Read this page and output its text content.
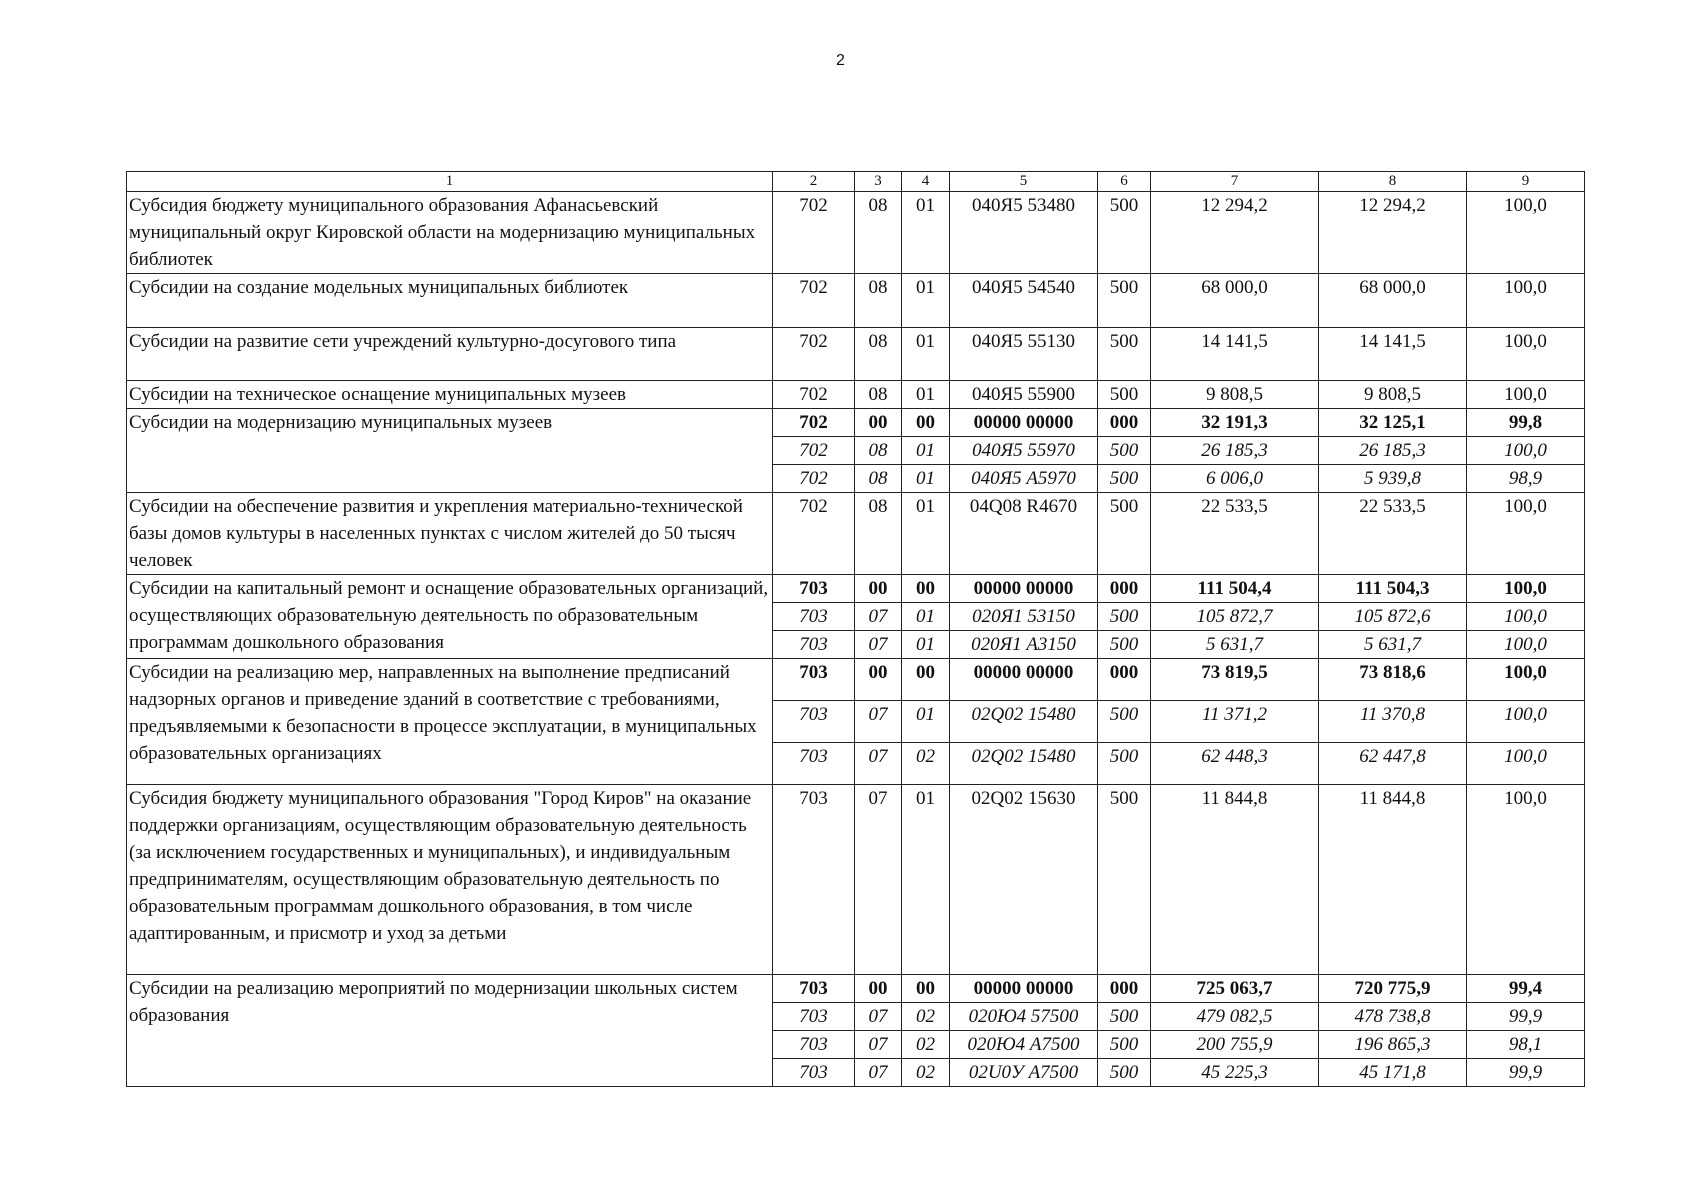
2
1	2	3	4	5	6	7	8	9
Субсидия бюджету муниципального образования Афанасьевский муниципальный округ Кировской области на модернизацию муниципальных библиотек	702	08	01	040Я5 53480	500	12 294,2	12 294,2	100,0
Субсидии на создание модельных муниципальных библиотек	702	08	01	040Я5 54540	500	68 000,0	68 000,0	100,0
Субсидии на развитие сети учреждений культурно-досугового типа	702	08	01	040Я5 55130	500	14 141,5	14 141,5	100,0
Субсидии на техническое оснащение муниципальных музеев	702	08	01	040Я5 55900	500	9 808,5	9 808,5	100,0
Субсидии на модернизацию муниципальных музеев	702	00	00	00000 00000	000	32 191,3	32 125,1	99,8
	702	08	01	040Я5 55970	500	26 185,3	26 185,3	100,0
	702	08	01	040Я5 А5970	500	6 006,0	5 939,8	98,9
Субсидии на обеспечение развития и укрепления материально-технической базы домов культуры в населенных пунктах с числом жителей до 50 тысяч человек	702	08	01	04Q08 R4670	500	22 533,5	22 533,5	100,0
Субсидии на капитальный ремонт и оснащение образовательных организаций, осуществляющих образовательную деятельность по образовательным программам дошкольного образования	703	00	00	00000 00000	000	111 504,4	111 504,3	100,0
	703	07	01	020Я1 53150	500	105 872,7	105 872,6	100,0
	703	07	01	020Я1 А3150	500	5 631,7	5 631,7	100,0
Субсидии на реализацию мер, направленных на выполнение предписаний надзорных органов и приведение зданий в соответствие с требованиями, предъявляемыми к безопасности в процессе эксплуатации, в муниципальных образовательных организациях	703	00	00	00000 00000	000	73 819,5	73 818,6	100,0
	703	07	01	02Q02 15480	500	11 371,2	11 370,8	100,0
	703	07	02	02Q02 15480	500	62 448,3	62 447,8	100,0
Субсидия бюджету муниципального образования "Город Киров" на оказание поддержки организациям, осуществляющим образовательную деятельность (за исключением государственных и муниципальных), и индивидуальным предпринимателям, осуществляющим образовательную деятельность по образовательным программам дошкольного образования, в том числе адаптированным, и присмотр и уход за детьми	703	07	01	02Q02 15630	500	11 844,8	11 844,8	100,0
Субсидии на реализацию мероприятий по модернизации школьных систем образования	703	00	00	00000 00000	000	725 063,7	720 775,9	99,4
	703	07	02	020Ю4 57500	500	479 082,5	478 738,8	99,9
	703	07	02	020Ю4 А7500	500	200 755,9	196 865,3	98,1
	703	07	02	02U0У А7500	500	45 225,3	45 171,8	99,9
